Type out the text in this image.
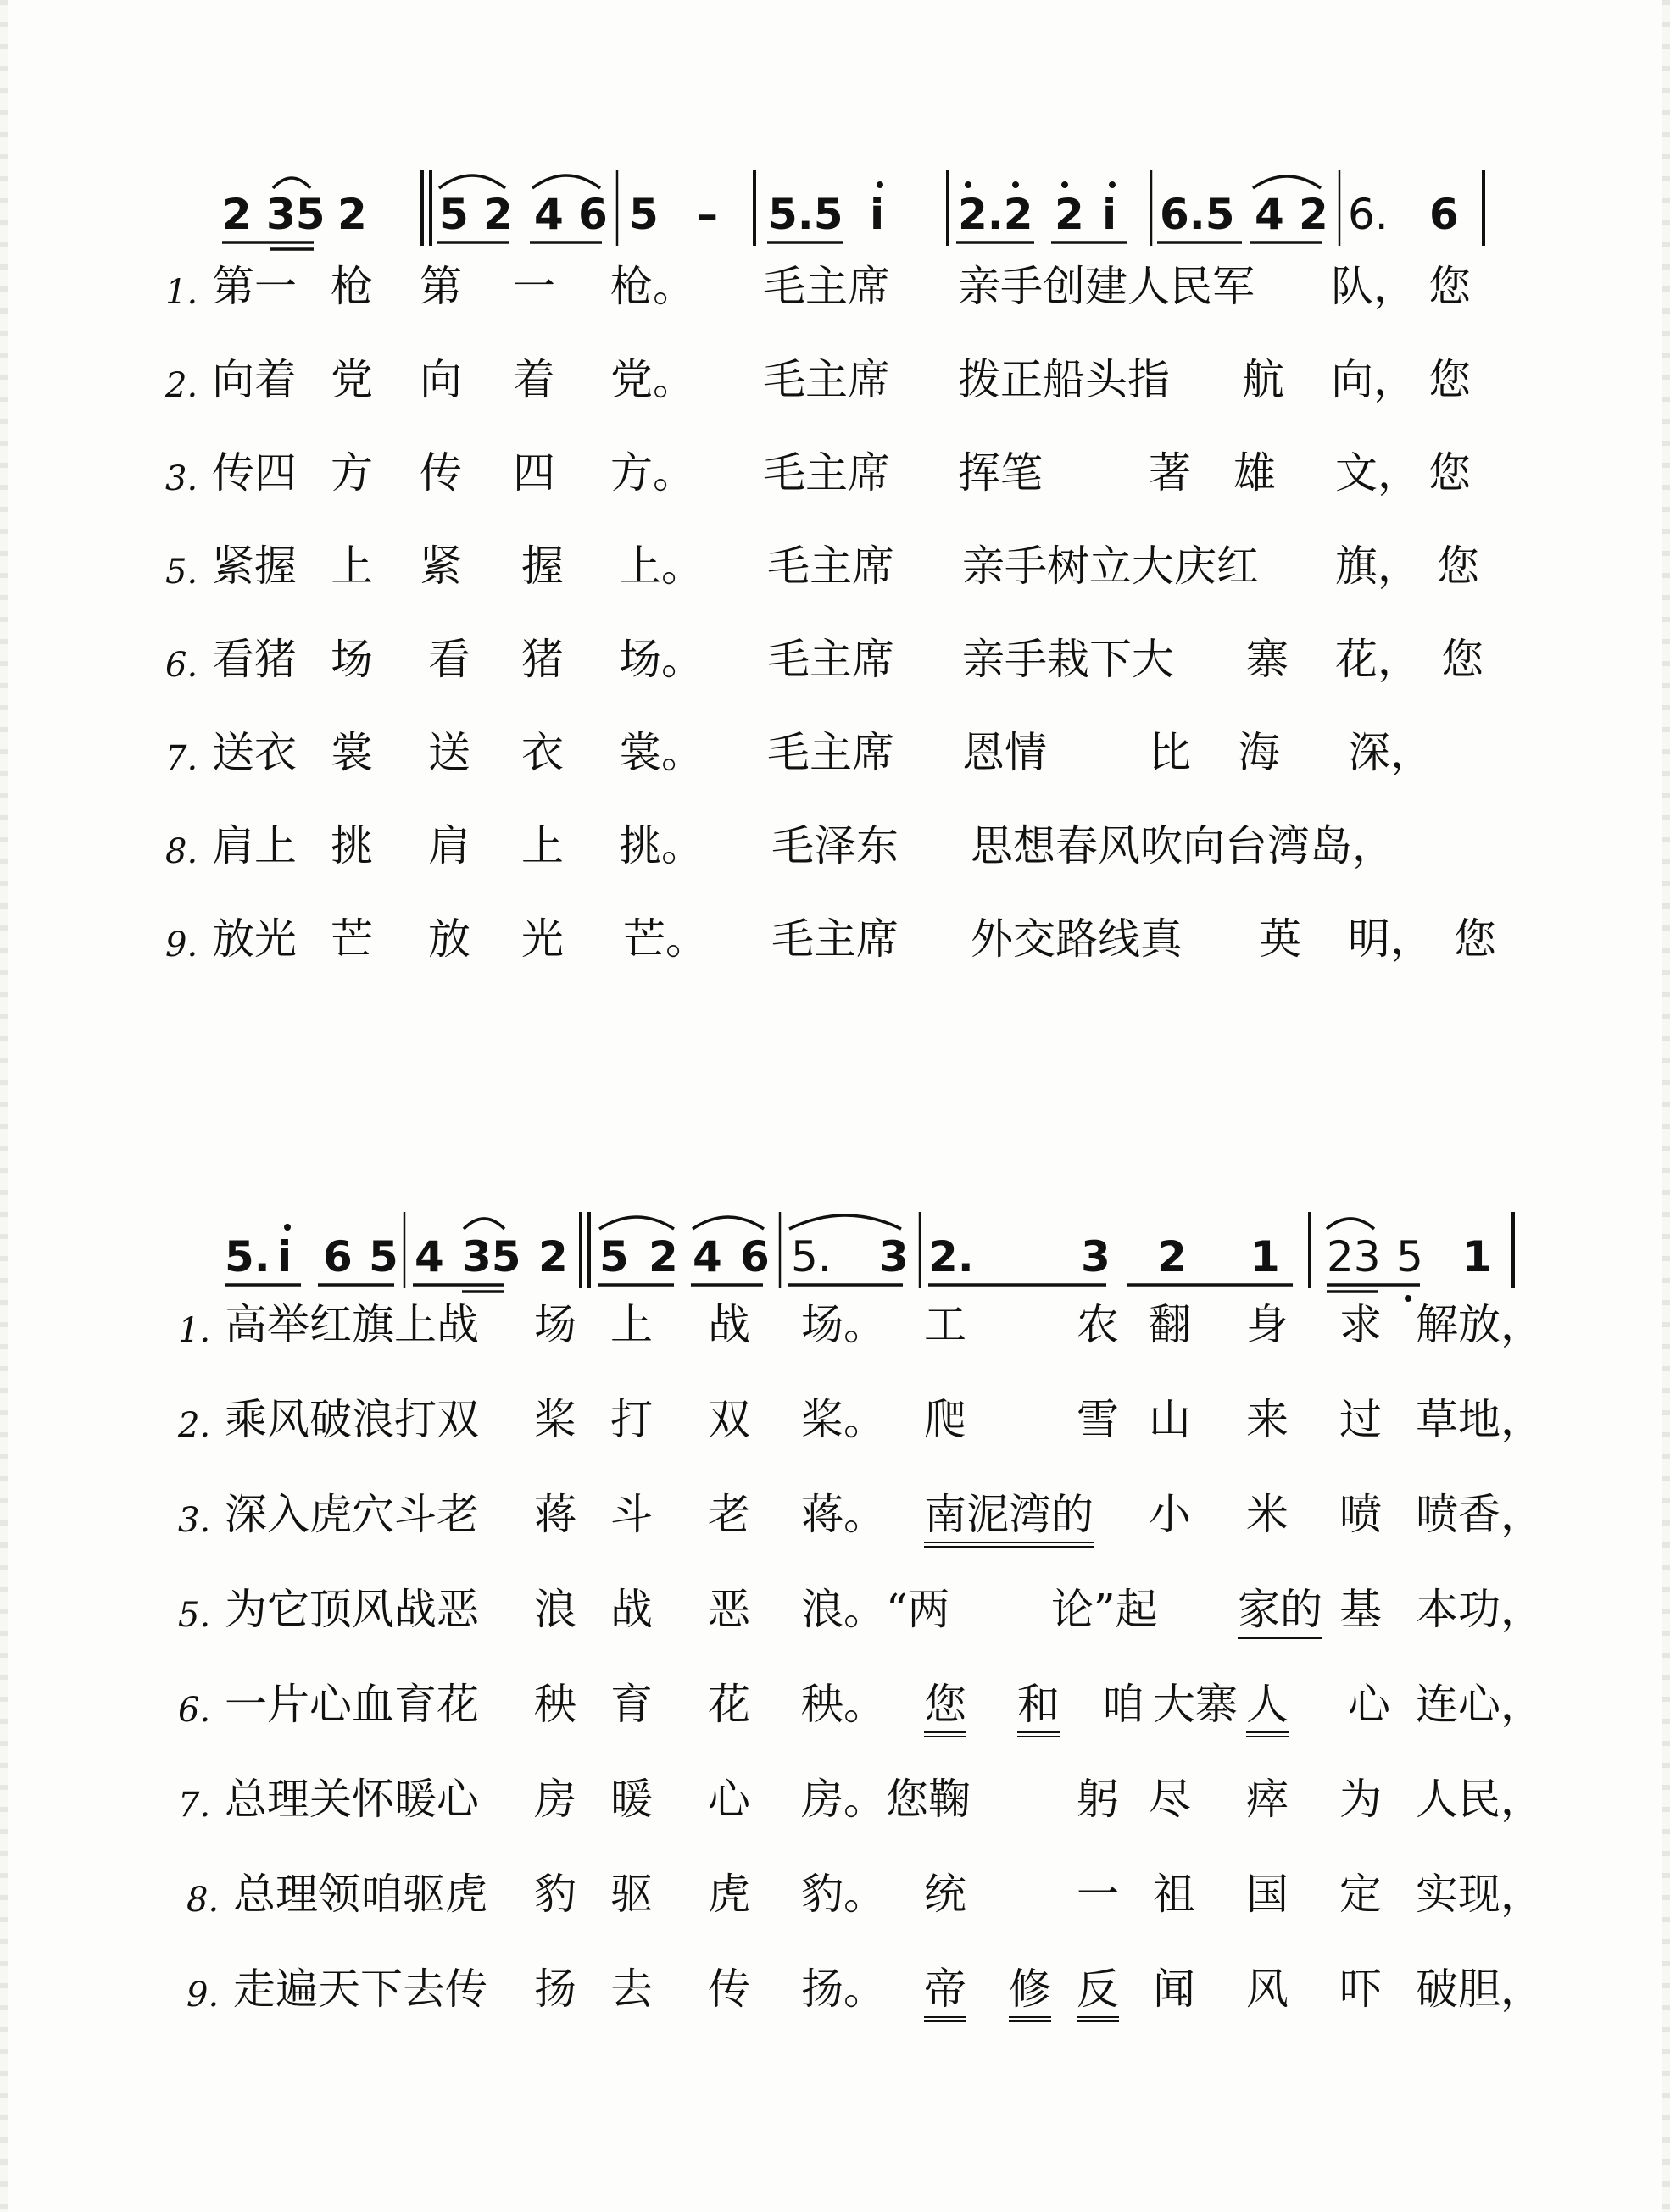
2 35 2 5 2 4 6 5 – 5.5 i 2.2 2 i 6.5 4 2 6. 6
1. 第一 枪 第 一 枪。 毛主席 亲手创建人民军 队， 您
2. 向着 党 向 着 党。 毛主席 拨正船头指 航 向， 您
3. 传四 方 传 四 方。 毛主席 挥笔	著 雄 文， 您
5. 紧握 上 紧 握 上。 毛主席 亲手树立大庆红 旗， 您
6. 看猪 场 看 猪 场。 毛主席 亲手栽下大 寨 花， 您
7. 送衣 裳 送 衣 裳。 毛主席 恩情 比 海 深，
8. 肩上 挑 肩 上 挑。 毛泽东 思想春风吹向台湾岛，
9. 放光 芒 放 光 芒。 毛主席 外交路线真 英 明， 您
5. i 6 5 4 35 2 5 2 4 6 5. 3 2.	3 2 1 23 5 1
1. 高举红旗上战 场 上 战 场。 工	农 翻 身 求 解放，
2. 乘风破浪打双 桨 打 双 桨。 爬	雪 山 来 过 草地，
3. 深入虎穴斗老 蒋 斗 老 蒋。 南泥湾的 小 米 喷 喷香，
5. 为它顶风战恶 浪 战 恶 浪。“两 论”起 家的 基 本功，
6. 一片心血育花 秧 育 花 秧。 您 和 咱 大寨 人 心 连心，
7. 总理关怀暖心 房 暖 心 房。您鞠	躬 尽 瘁 为 人民，
8. 总理领咱驱虎 豹 驱 虎 豹。 统	一 祖 国 定 实现，
9. 走遍天下去传 扬 去 传 扬。 帝 修 反 闻 风 吓 破胆，
